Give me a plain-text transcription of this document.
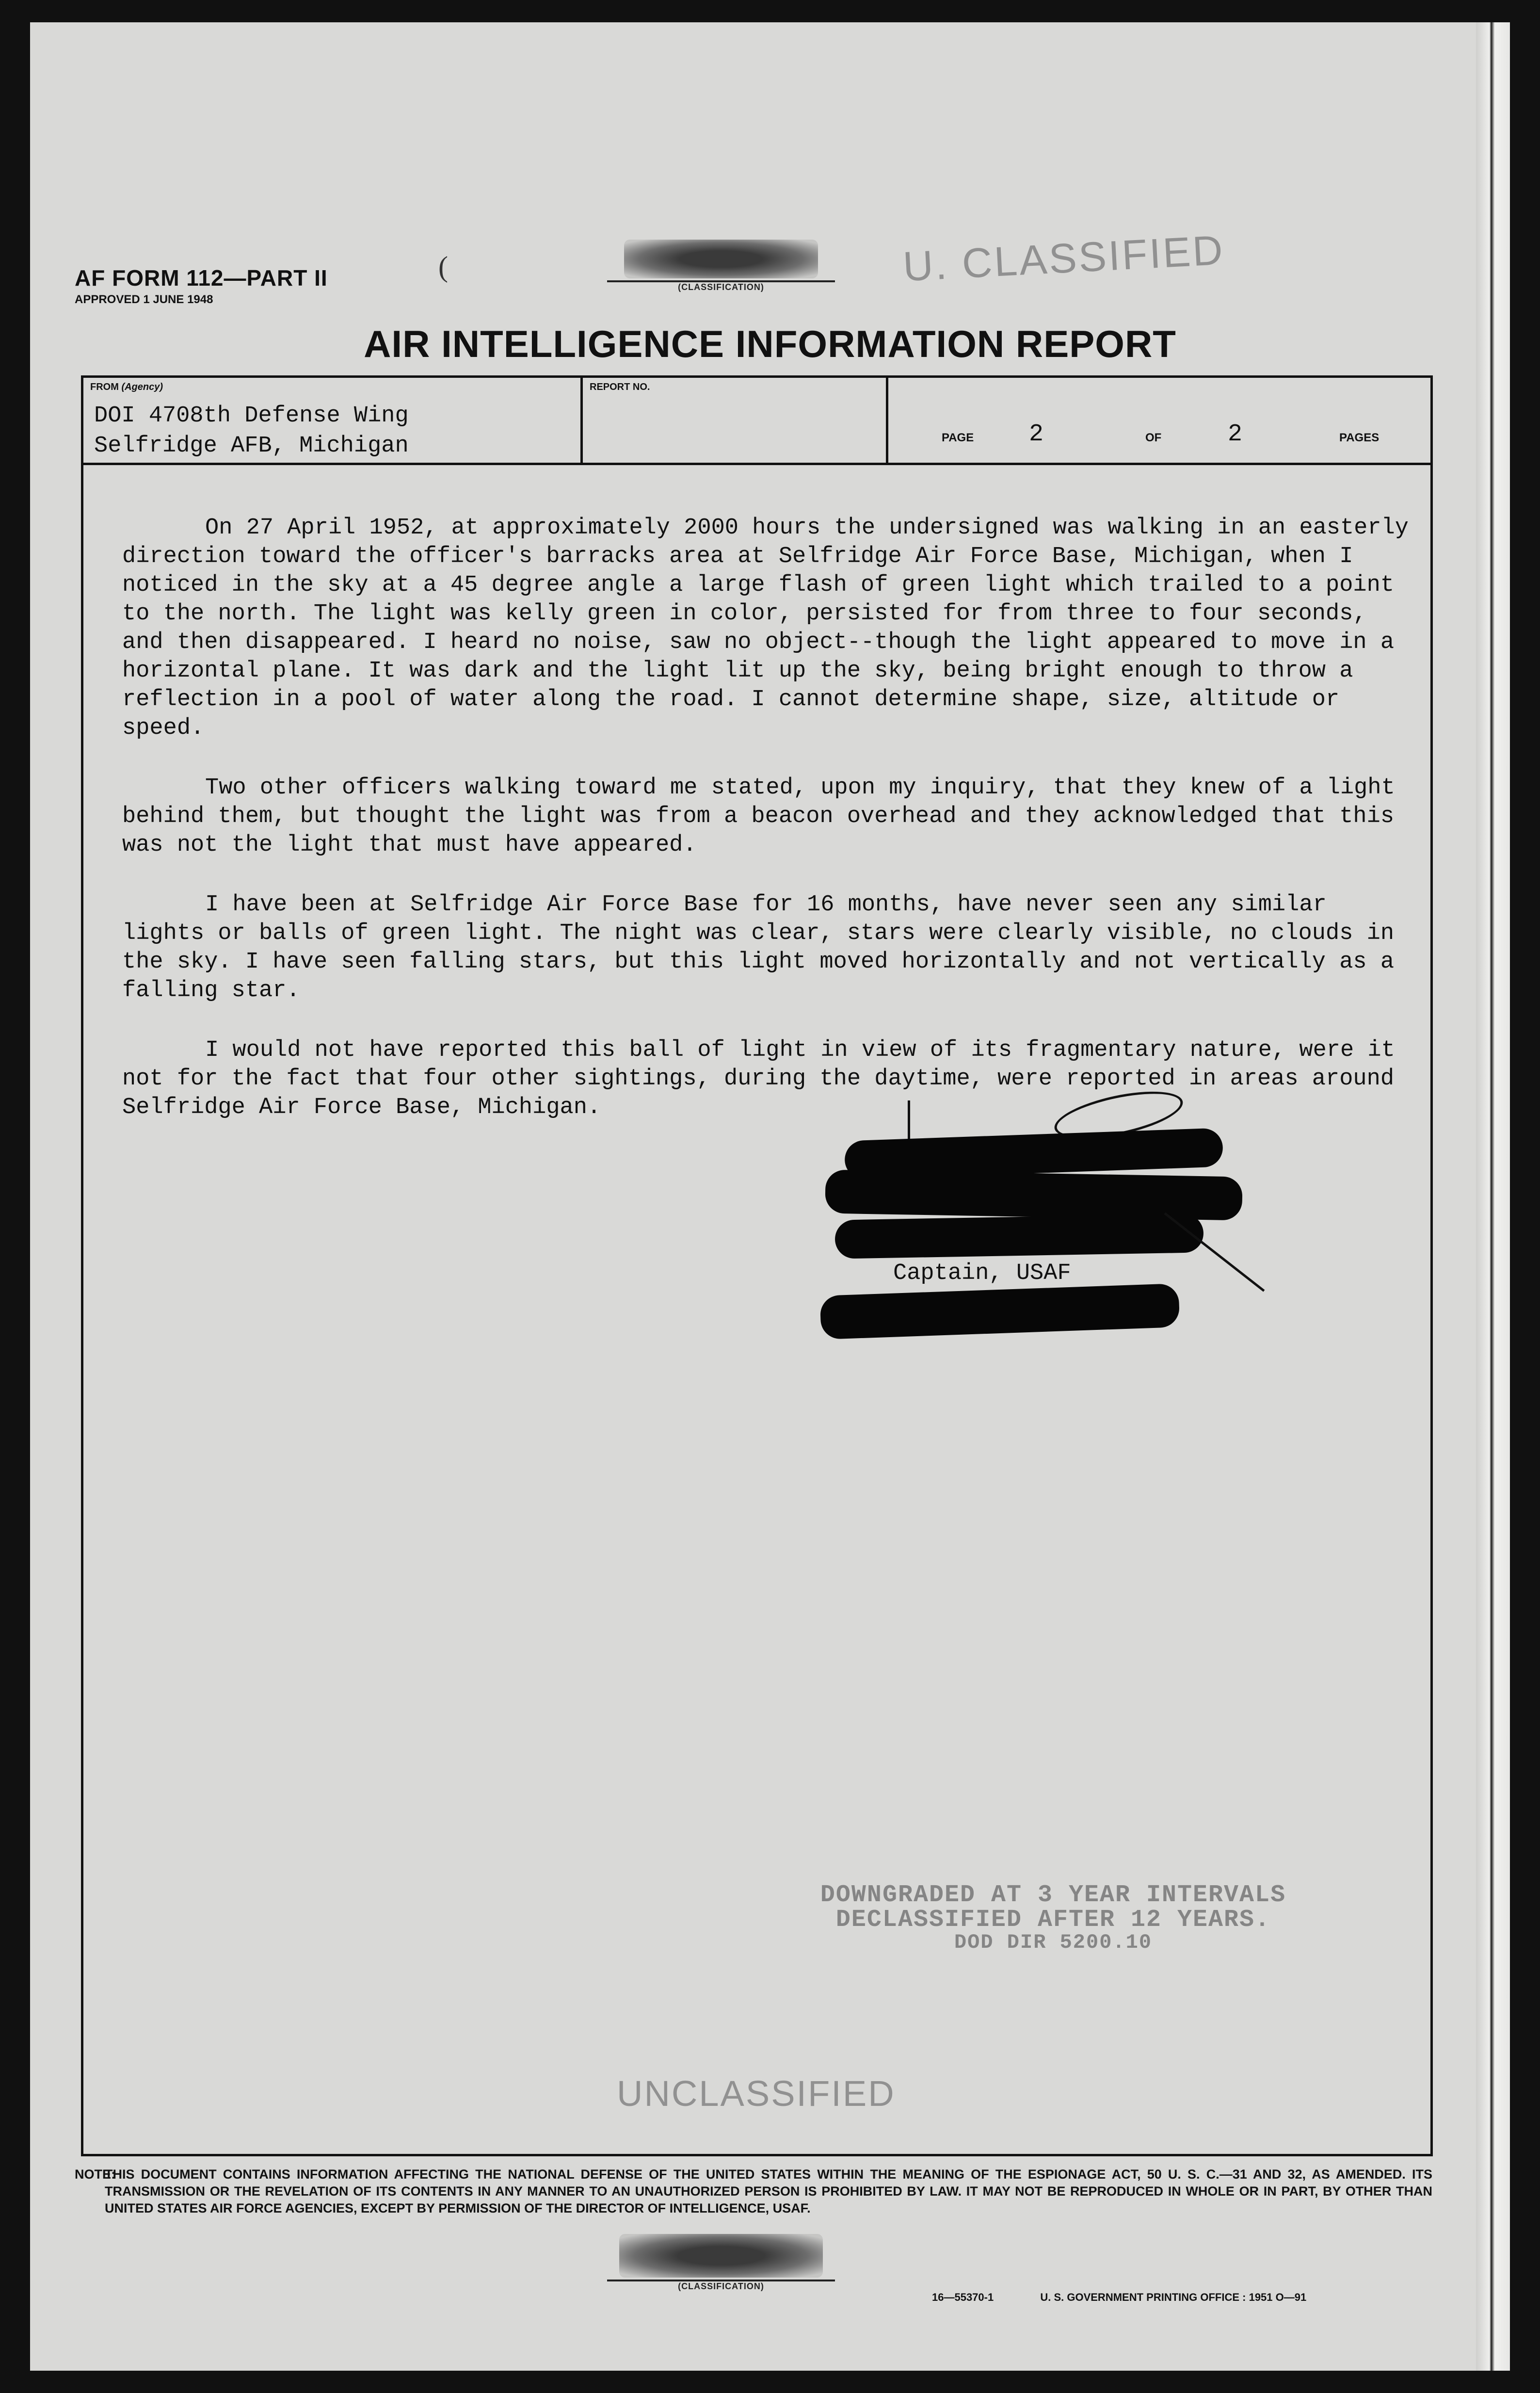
AF FORM 112—PART II
APPROVED 1 JUNE 1948
(
(CLASSIFICATION)	U. CLASSIFIED
AIR INTELLIGENCE INFORMATION REPORT
FROM (Agency)
DOI 4708th Defense Wing
Selfridge AFB, Michigan
REPORT NO.
PAGE 2	OF	2	PAGES

On 27 April 1952, at approximately 2000 hours the undersigned was walking in an easterly direction toward the officer's barracks area at Selfridge Air Force Base, Michigan, when I noticed in the sky at a 45 degree angle a large flash of green light which trailed to a point to the north. The light was kelly green in color, persisted for from three to four seconds, and then disappeared. I heard no noise, saw no object--though the light appeared to move in a horizontal plane. It was dark and the light lit up the sky, being bright enough to throw a reflection in a pool of water along the road. I cannot determine shape, size, altitude or speed.

Two other officers walking toward me stated, upon my inquiry, that they knew of a light behind them, but thought the light was from a beacon overhead and they acknowledged that this was not the light that must have appeared.

I have been at Selfridge Air Force Base for 16 months, have never seen any similar lights or balls of green light. The night was clear, stars were clearly visible, no clouds in the sky. I have seen falling stars, but this light moved horizontally and not vertically as a falling star.

I would not have reported this ball of light in view of its fragmentary nature, were it not for the fact that four other sightings, during the daytime, were reported in areas around Selfridge Air Force Base, Michigan.

Captain, USAF
DOWNGRADED AT 3 YEAR INTERVALS
DECLASSIFIED AFTER 12 YEARS.
DOD DIR 5200.10
UNCLASSIFIED
NOTE:
THIS DOCUMENT CONTAINS INFORMATION AFFECTING THE NATIONAL DEFENSE OF THE UNITED STATES WITHIN THE MEANING OF THE ESPIONAGE ACT, 50 U. S. C.—31 AND 32, AS AMENDED. ITS TRANSMISSION OR THE REVELATION OF ITS CONTENTS IN ANY MANNER TO AN UNAUTHORIZED PERSON IS PROHIBITED BY LAW. IT MAY NOT BE REPRODUCED IN WHOLE OR IN PART, BY OTHER THAN UNITED STATES AIR FORCE AGENCIES, EXCEPT BY PERMISSION OF THE DIRECTOR OF INTELLIGENCE, USAF.
(CLASSIFICATION)
16—55370-1	U. S. GOVERNMENT PRINTING OFFICE : 1951 O—91
